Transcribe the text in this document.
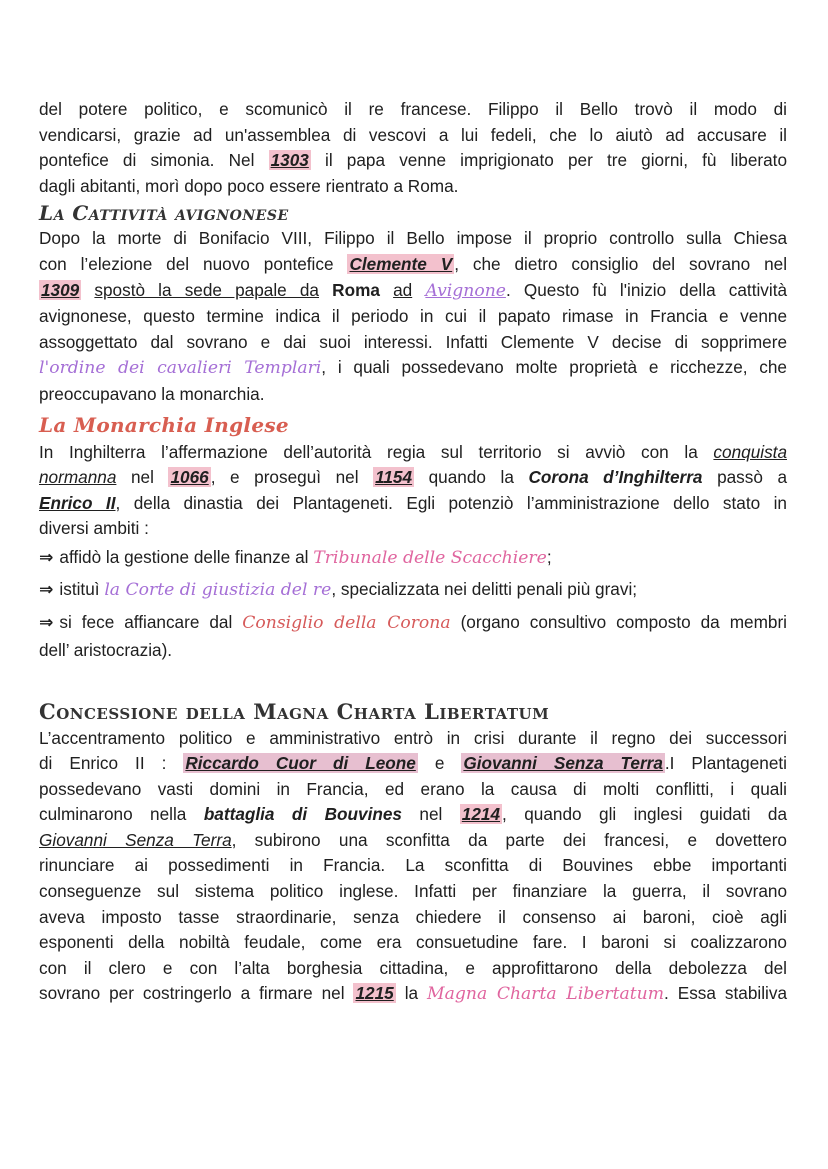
del potere politico, e scomunicò il re francese. Filippo il Bello trovò il modo di
vendicarsi, grazie ad un'assemblea di vescovi a lui fedeli, che lo aiutò ad accusare il
pontefice di simonia. Nel 1303 il papa venne imprigionato per tre giorni, fù liberato
dagli abitanti, morì dopo poco essere rientrato a Roma.

La Cattività avignonese

Dopo la morte di Bonifacio VIII, Filippo il Bello impose il proprio controllo sulla Chiesa
con l’elezione del nuovo pontefice Clemente V , che dietro consiglio del sovrano nel
1309 spostò la sede papale da Roma ad Avignone. Questo fù l'inizio della cattività
avignonese, questo termine indica il periodo in cui il papato rimase in Francia e venne
assoggettato dal sovrano e dai suoi interessi. Infatti Clemente V decise di sopprimere
l'ordine dei cavalieri Templari, i quali possedevano molte proprietà e ricchezze, che
preoccupavano la monarchia.

La Monarchia Inglese

In Inghilterra l’affermazione dell’autorità regia sul territorio si avviò con la conquista
normanna nel 1066 , e proseguì nel 1154 quando la Corona d’Inghilterra passò a
Enrico II, della dinastia dei Plantageneti. Egli potenziò l’amministrazione dello stato in
diversi ambiti :

⇒ affidò la gestione delle finanze al Tribunale delle Scacchiere;
⇒ istituì la Corte di giustizia del re, specializzata nei delitti penali più gravi;
⇒ si fece affiancare dal Consiglio della Corona (organo consultivo composto da membri
dell’ aristocrazia).
Concessione della Magna Charta Libertatum

L’accentramento politico e amministrativo entrò in crisi durante il regno dei successori
di Enrico II : Riccardo Cuor di Leone e Giovanni Senza Terra .I Plantageneti
possedevano vasti domini in Francia, ed erano la causa di molti conflitti, i quali
culminarono nella battaglia di Bouvines nel 1214 , quando gli inglesi guidati da
Giovanni Senza Terra, subirono una sconfitta da parte dei francesi, e dovettero
rinunciare ai possedimenti in Francia. La sconfitta di Bouvines ebbe importanti
conseguenze sul sistema politico inglese. Infatti per finanziare la guerra, il sovrano
aveva imposto tasse straordinarie, senza chiedere il consenso ai baroni, cioè agli
esponenti della nobiltà feudale, come era consuetudine fare. I baroni si coalizzarono
con il clero e con l’alta borghesia cittadina, e approfittarono della debolezza del
sovrano per costringerlo a firmare nel 1215 la Magna Charta Libertatum. Essa stabiliva
